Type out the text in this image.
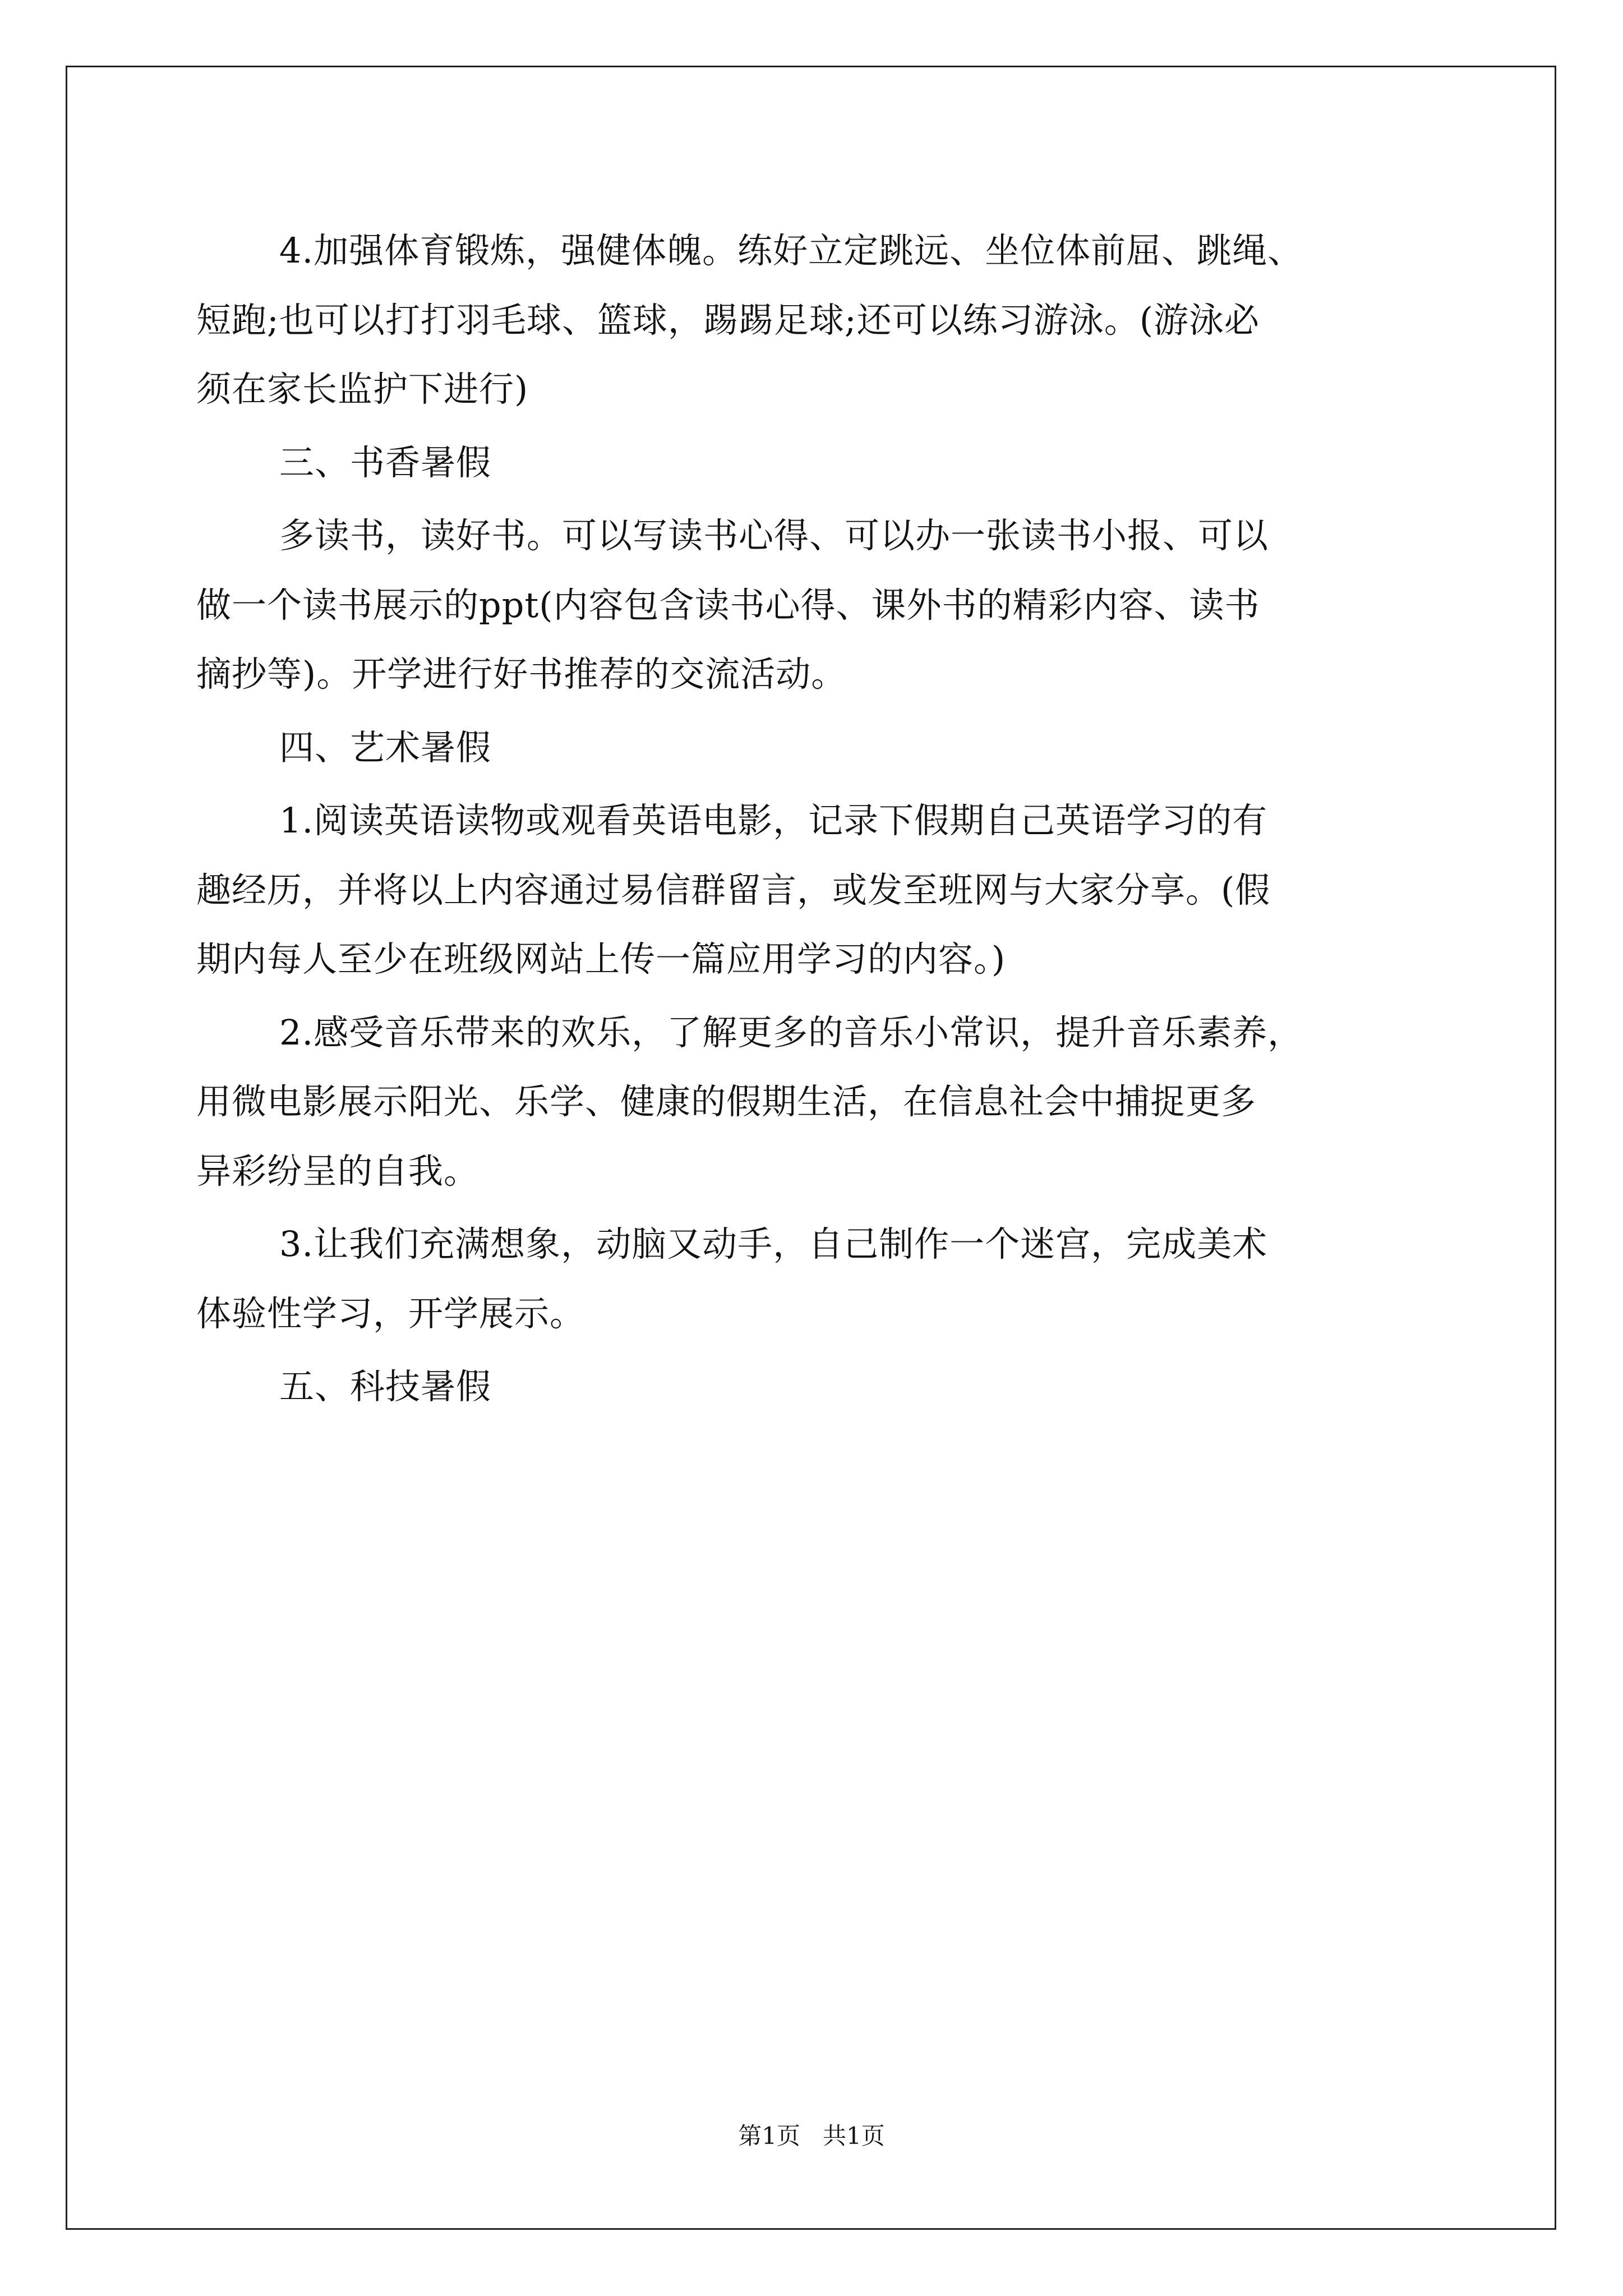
4.加强体育锻炼，强健体魄。练好立定跳远、坐位体前屈、跳绳、
短跑;也可以打打羽毛球、篮球，踢踢足球;还可以练习游泳。(游泳必
须在家长监护下进行)

三、书香暑假

多读书，读好书。可以写读书心得、可以办一张读书小报、可以
做一个读书展示的ppt(内容包含读书心得、课外书的精彩内容、读书
摘抄等)。开学进行好书推荐的交流活动。

四、艺术暑假

1.阅读英语读物或观看英语电影，记录下假期自己英语学习的有
趣经历，并将以上内容通过易信群留言，或发至班网与大家分享。(假
期内每人至少在班级网站上传一篇应用学习的内容。)

2.感受音乐带来的欢乐，了解更多的音乐小常识，提升音乐素养，
用微电影展示阳光、乐学、健康的假期生活，在信息社会中捕捉更多
异彩纷呈的自我。

3.让我们充满想象，动脑又动手，自己制作一个迷宫，完成美术
体验性学习，开学展示。

五、科技暑假

第1页   共1页
